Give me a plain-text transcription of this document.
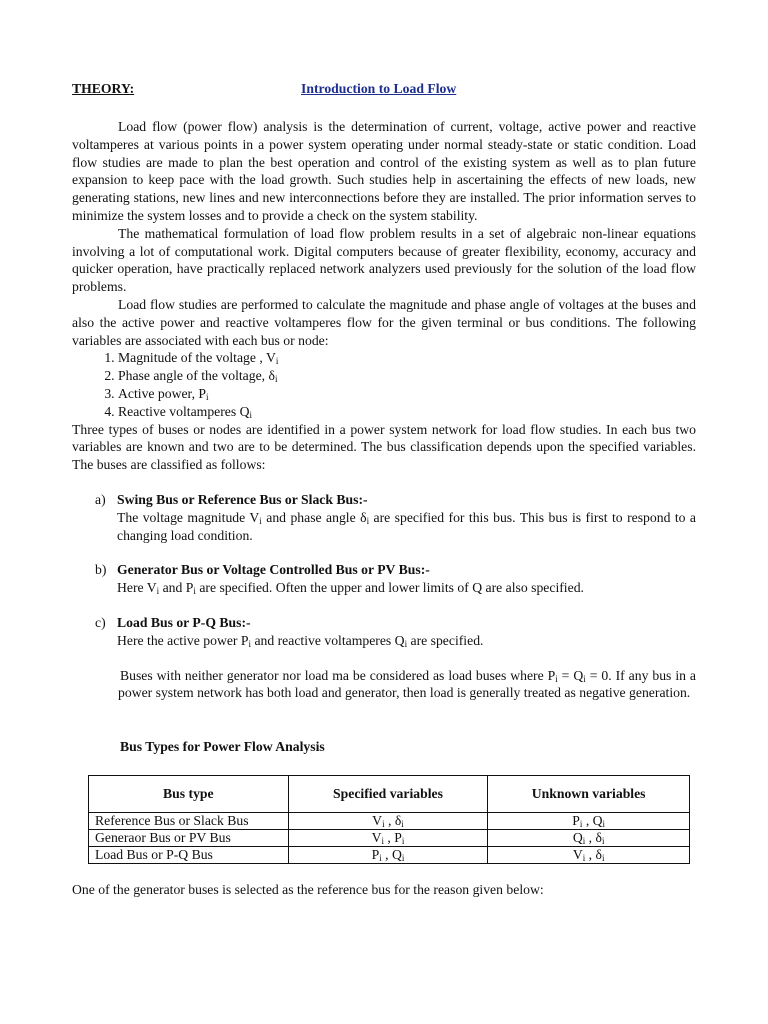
THEORY:	Introduction to Load Flow

Load flow (power flow) analysis is the determination of current, voltage, active power and reactive voltamperes at various points in a power system operating under normal steady-state or static condition. Load flow studies are made to plan the best operation and control of the existing system as well as to plan future expansion to keep pace with the load growth. Such studies help in ascertaining the effects of new loads, new generating stations, new lines and new interconnections before they are installed. The prior information serves to minimize the system losses and to provide a check on the system stability.

The mathematical formulation of load flow problem results in a set of algebraic non-linear equations involving a lot of computational work. Digital computers because of greater flexibility, economy, accuracy and quicker operation, have practically replaced network analyzers used previously for the solution of the load flow problems.

Load flow studies are performed to calculate the magnitude and phase angle of voltages at the buses and also the active power and reactive voltamperes flow for the given terminal or bus conditions. The following variables are associated with each bus or node:

1. Magnitude of the voltage , $V_i$
2. Phase angle of the voltage, $\delta_i$
3. Active power, $P_i$
4. Reactive voltamperes $Q_i$

Three types of buses or nodes are identified in a power system network for load flow studies. In each bus two variables are known and two are to be determined. The bus classification depends upon the specified variables. The buses are classified as follows:

a) Swing Bus or Reference Bus or Slack Bus:-
The voltage magnitude $V_i$ and phase angle $\delta_i$ are specified for this bus. This bus is first to respond to a changing load condition.
b) Generator Bus or Voltage Controlled Bus or PV Bus:-
Here $V_i$ and $P_i$ are specified. Often the upper and lower limits of Q are also specified.
c) Load Bus or P-Q Bus:-
Here the active power $P_i$ and reactive voltamperes $Q_i$ are specified.

Buses with neither generator nor load ma be considered as load buses where $P_i = Q_i = 0$. If any bus in a power system network has both load and generator, then load is generally treated as negative generation.

Bus Types for Power Flow Analysis
Bus type	Specified variables	Unknown variables
Reference Bus or Slack Bus	$V_i$ , $\delta_i$	$P_i$ , $Q_i$
Generaor Bus or PV Bus	$V_i$ , $P_i$	$Q_i$ , $\delta_i$
Load Bus or P-Q Bus	$P_i$ , $Q_i$	$V_i$ , $\delta_i$

One of the generator buses is selected as the reference bus for the reason given below:
